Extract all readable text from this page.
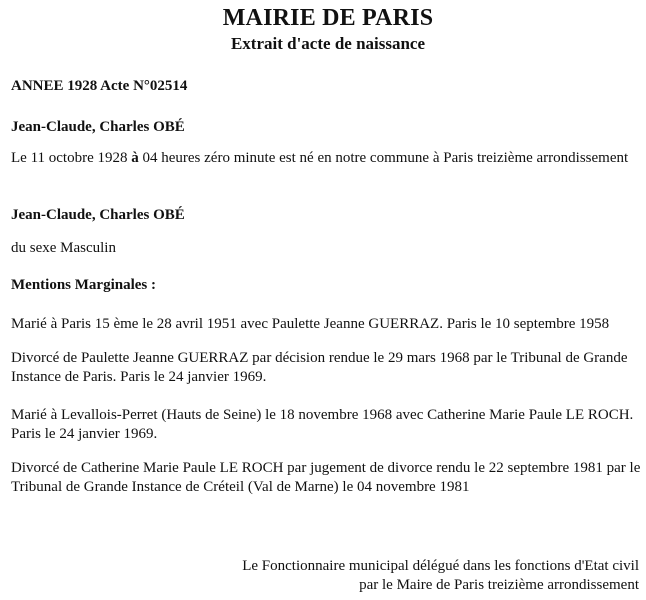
MAIRIE DE PARIS
Extrait d'acte de naissance
ANNEE 1928 Acte N°02514
Jean-Claude, Charles OBÉ
Le 11 octobre 1928 à 04 heures zéro minute est né en notre commune à Paris treizième arrondissement
Jean-Claude, Charles OBÉ
du sexe Masculin
Mentions Marginales :
Marié à Paris 15 ème le 28 avril 1951 avec Paulette Jeanne GUERRAZ. Paris le 10 septembre 1958
Divorcé de Paulette Jeanne GUERRAZ par décision rendue le 29 mars 1968 par le Tribunal de Grande Instance de Paris. Paris le 24 janvier 1969.
Marié à Levallois-Perret (Hauts de Seine) le 18 novembre 1968 avec Catherine Marie Paule LE ROCH. Paris le 24 janvier 1969.
Divorcé de Catherine Marie Paule LE ROCH par jugement de divorce rendu le 22 septembre 1981 par le Tribunal de Grande Instance de Créteil (Val de Marne) le 04 novembre 1981
Le Fonctionnaire municipal délégué dans les fonctions d'Etat civil
par le Maire de Paris treizième arrondissement
